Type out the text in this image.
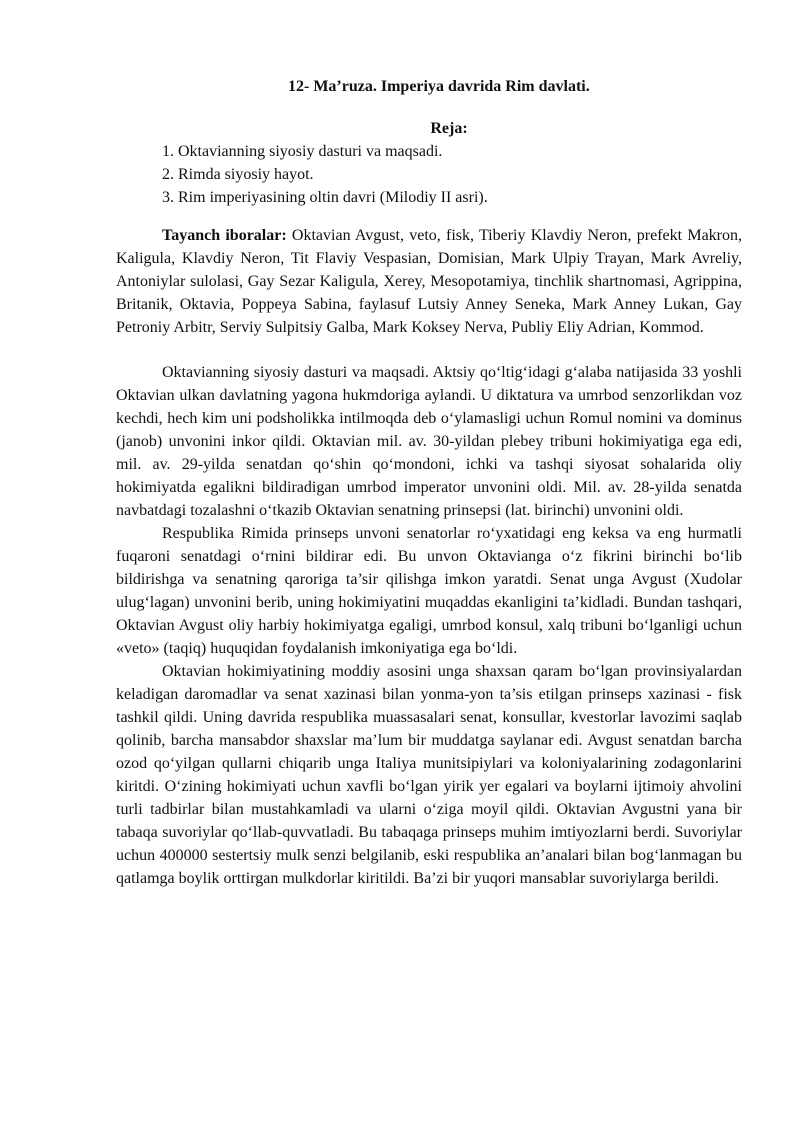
12- Ma’ruza. Imperiya davrida Rim davlati.
Reja:
1. Oktavianning siyosiy dasturi va maqsadi.
2. Rimda siyosiy hayot.
3. Rim imperiyasining oltin davri (Milodiy II asri).

Tayanch iboralar: Oktavian Avgust, veto, fisk, Tiberiy Klavdiy Neron, prefekt Makron, Kaligula, Klavdiy Neron, Tit Flaviy Vespasian, Domisian, Mark Ulpiy Trayan, Mark Avreliy, Antoniylar sulolasi, Gay Sezar Kaligula, Xerey, Mesopotamiya, tinchlik shartnomasi, Agrippina, Britanik, Oktavia, Poppeya Sabina, faylasuf Lutsiy Anney Seneka, Mark Anney Lukan, Gay Petroniy Arbitr, Serviy Sulpitsiy Galba, Mark Koksey Nerva, Publiy Eliy Adrian, Kommod.

Oktavianning siyosiy dasturi va maqsadi. Aktsiy qo‘ltig‘idagi g‘alaba natijasida 33 yoshli Oktavian ulkan davlatning yagona hukmdoriga aylandi. U diktatura va umrbod senzorlikdan voz kechdi, hech kim uni podsholikka intilmoqda deb o‘ylamasligi uchun Romul nomini va dominus (janob) unvonini inkor qildi. Oktavian mil. av. 30-yildan plebey tribuni hokimiyatiga ega edi, mil. av. 29-yilda senatdan qo‘shin qo‘mondoni, ichki va tashqi siyosat sohalarida oliy hokimiyatda egalikni bildiradigan umrbod imperator unvonini oldi. Mil. av. 28-yilda senatda navbatdagi tozalashni o‘tkazib Oktavian senatning prinsepsi (lat. birinchi) unvonini oldi.

Respublika Rimida prinseps unvoni senatorlar ro‘yxatidagi eng keksa va eng hurmatli fuqaroni senatdagi o‘rnini bildirar edi. Bu unvon Oktavianga o‘z fikrini birinchi bo‘lib bildirishga va senatning qaroriga ta’sir qilishga imkon yaratdi. Senat unga Avgust (Xudolar ulug‘lagan) unvonini berib, uning hokimiyatini muqaddas ekanligini ta’kidladi. Bundan tashqari, Oktavian Avgust oliy harbiy hokimiyatga egaligi, umrbod konsul, xalq tribuni bo‘lganligi uchun «veto» (taqiq) huquqidan foydalanish imkoniyatiga ega bo‘ldi.

Oktavian hokimiyatining moddiy asosini unga shaxsan qaram bo‘lgan provinsiyalardan keladigan daromadlar va senat xazinasi bilan yonma-yon ta’sis etilgan prinseps xazinasi - fisk tashkil qildi. Uning davrida respublika muassasalari senat, konsullar, kvestorlar lavozimi saqlab qolinib, barcha mansabdor shaxslar ma’lum bir muddatga saylanar edi. Avgust senatdan barcha ozod qo‘yilgan qullarni chiqarib unga Italiya munitsipiylari va koloniyalarining zodagonlarini kiritdi. O‘zining hokimiyati uchun xavfli bo‘lgan yirik yer egalari va boylarni ijtimoiy ahvolini turli tadbirlar bilan mustahkamladi va ularni o‘ziga moyil qildi. Oktavian Avgustni yana bir tabaqa suvoriylar qo‘llab-quvvatladi. Bu tabaqaga prinseps muhim imtiyozlarni berdi. Suvoriylar uchun 400000 sestertsiy mulk senzi belgilanib, eski respublika an’analari bilan bog‘lanmagan bu qatlamga boylik orttirgan mulkdorlar kiritildi. Ba’zi bir yuqori mansablar suvoriylarga berildi.
